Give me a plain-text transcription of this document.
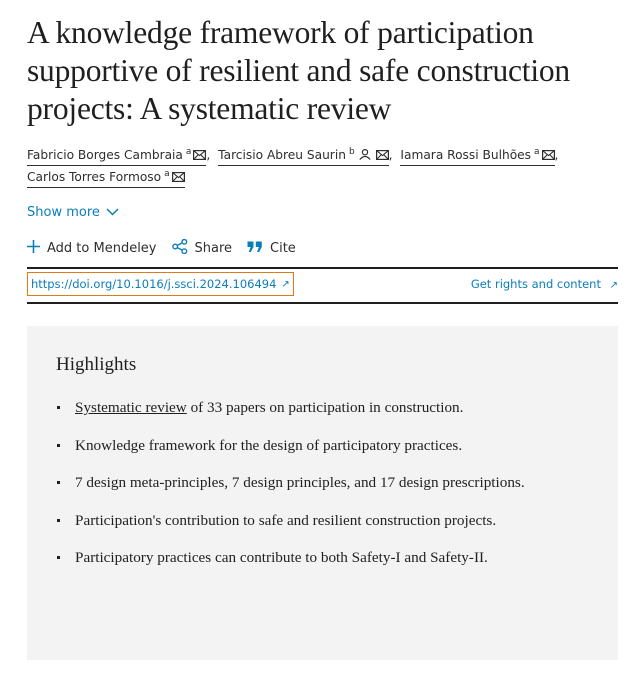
A knowledge framework of participation supportive of resilient and safe construction projects: A systematic review
Fabricio Borges Cambraia $^a$ , Tarcisio Abreu Saurin $^b$	, Iamara Rossi Bulhões $^a$ ,
Carlos Torres Formoso $^a$
Show more
Add to Mendeley	Share	Cite
https://doi.org/10.1016/j.ssci.2024.106494 ↗	Get rights and content ↗
Highlights
Systematic review of 33 papers on participation in construction.
Knowledge framework for the design of participatory practices.
7 design meta-principles, 7 design principles, and 17 design prescriptions.
Participation's contribution to safe and resilient construction projects.
Participatory practices can contribute to both Safety-I and Safety-II.
